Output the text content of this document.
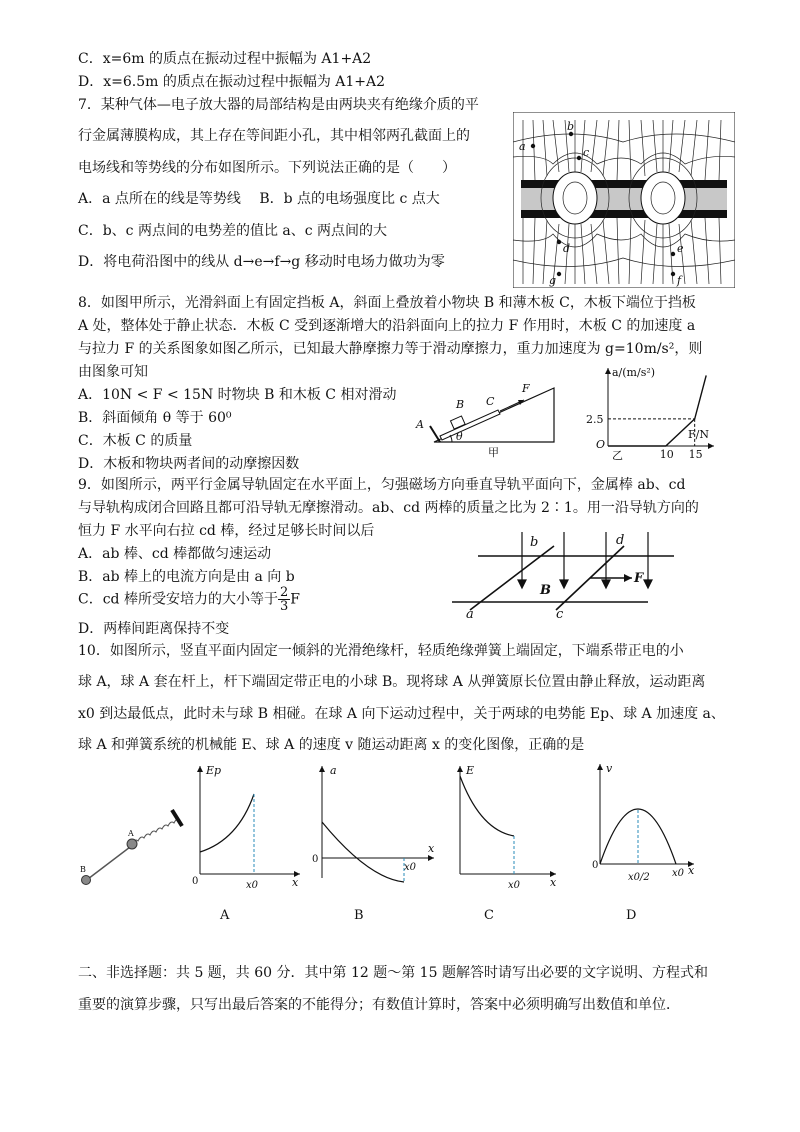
C．x=6m 的质点在振动过程中振幅为 A1+A2
D．x=6.5m 的质点在振动过程中振幅为 A1+A2
7．某种气体—电子放大器的局部结构是由两块夹有绝缘介质的平
行金属薄膜构成，其上存在等间距小孔，其中相邻两孔截面上的
电场线和等势线的分布如图所示。下列说法正确的是（　　）
A．a 点所在的线是等势线　 B．b 点的电场强度比 c 点大
C．b、c 两点间的电势差的值比 a、c 两点间的大
D．将电荷沿图中的线从 d→e→f→g 移动时电场力做功为零
8．如图甲所示，光滑斜面上有固定挡板 A，斜面上叠放着小物块 B 和薄木板 C，木板下端位于挡板
A 处，整体处于静止状态．木板 C 受到逐渐增大的沿斜面向上的拉力 F 作用时，木板 C 的加速度 a
与拉力 F 的关系图象如图乙所示，已知最大静摩擦力等于滑动摩擦力，重力加速度为 g=10m/s²，则
由图象可知
A．10N < F < 15N 时物块 B 和木板 C 相对滑动
B．斜面倾角 θ 等于 60⁰
C．木板 C 的质量
D．木板和物块两者间的动摩擦因数
9．如图所示，两平行金属导轨固定在水平面上，匀强磁场方向垂直导轨平面向下，金属棒 ab、cd
与导轨构成闭合回路且都可沿导轨无摩擦滑动。ab、cd 两棒的质量之比为 2∶1。用一沿导轨方向的
恒力 F 水平向右拉 cd 棒，经过足够长时间以后
A．ab 棒、cd 棒都做匀速运动
B．ab 棒上的电流方向是由 a 向 b
C．cd 棒所受安培力的大小等于 $\frac{2}{3}$ F
D．两棒间距离保持不变
10．如图所示，竖直平面内固定一倾斜的光滑绝缘杆，轻质绝缘弹簧上端固定，下端系带正电的小
球 A，球 A 套在杆上，杆下端固定带正电的小球 B。现将球 A 从弹簧原长位置由静止释放，运动距离
x0 到达最低点，此时未与球 B 相碰。在球 A 向下运动过程中，关于两球的电势能 Ep、球 A 加速度 a、
球 A 和弹簧系统的机械能 E、球 A 的速度 v 随运动距离 x 的变化图像，正确的是
二、非选择题：共 5 题，共 60 分．其中第 12 题～第 15 题解答时请写出必要的文字说明、方程式和
重要的演算步骤，只写出最后答案的不能得分；有数值计算时，答案中必须明确写出数值和单位．
a
b
c
d	e
f
g
A
B C
F
θ
甲
a/(m/s²)
F/N
O
乙
2.5
10 15
b	d
a	c
B
F
A
B
Ep
0	x
x0
a
0
x
x0
E
x
x0
v
0	x
x0
x0/2
A	B	C	D
